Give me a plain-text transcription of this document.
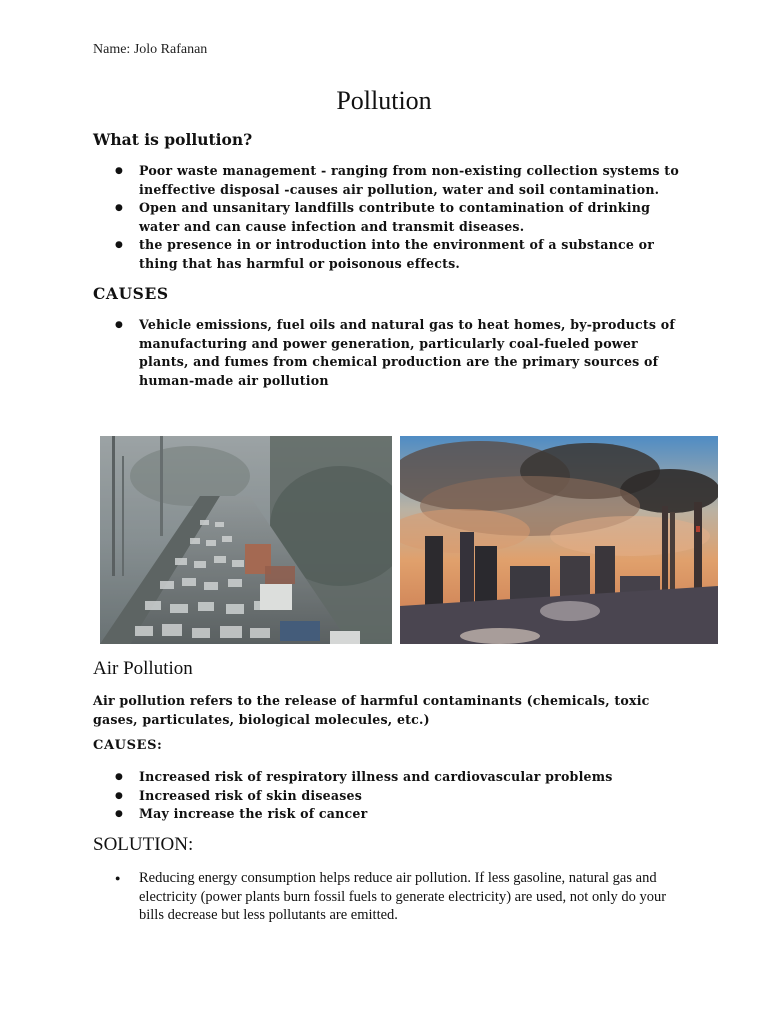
Name: Jolo Rafanan
Pollution
What is pollution?
● Poor waste management - ranging from non-existing collection systems to ineffective disposal -causes air pollution, water and soil contamination.
● Open and unsanitary landfills contribute to contamination of drinking water and can cause infection and transmit diseases.
● the presence in or introduction into the environment of a substance or thing that has harmful or poisonous effects.
CAUSES
● Vehicle emissions, fuel oils and natural gas to heat homes, by-products of manufacturing and power generation, particularly coal-fueled power plants, and fumes from chemical production are the primary sources of human-made air pollution
Air Pollution

Air pollution refers to the release of harmful contaminants (chemicals, toxic gases, particulates, biological molecules, etc.)

CAUSES:
● Increased risk of respiratory illness and cardiovascular problems
● Increased risk of skin diseases
● May increase the risk of cancer
SOLUTION:
● Reducing energy consumption helps reduce air pollution. If less gasoline, natural gas and electricity (power plants burn fossil fuels to generate electricity) are used, not only do your bills decrease but less pollutants are emitted.
